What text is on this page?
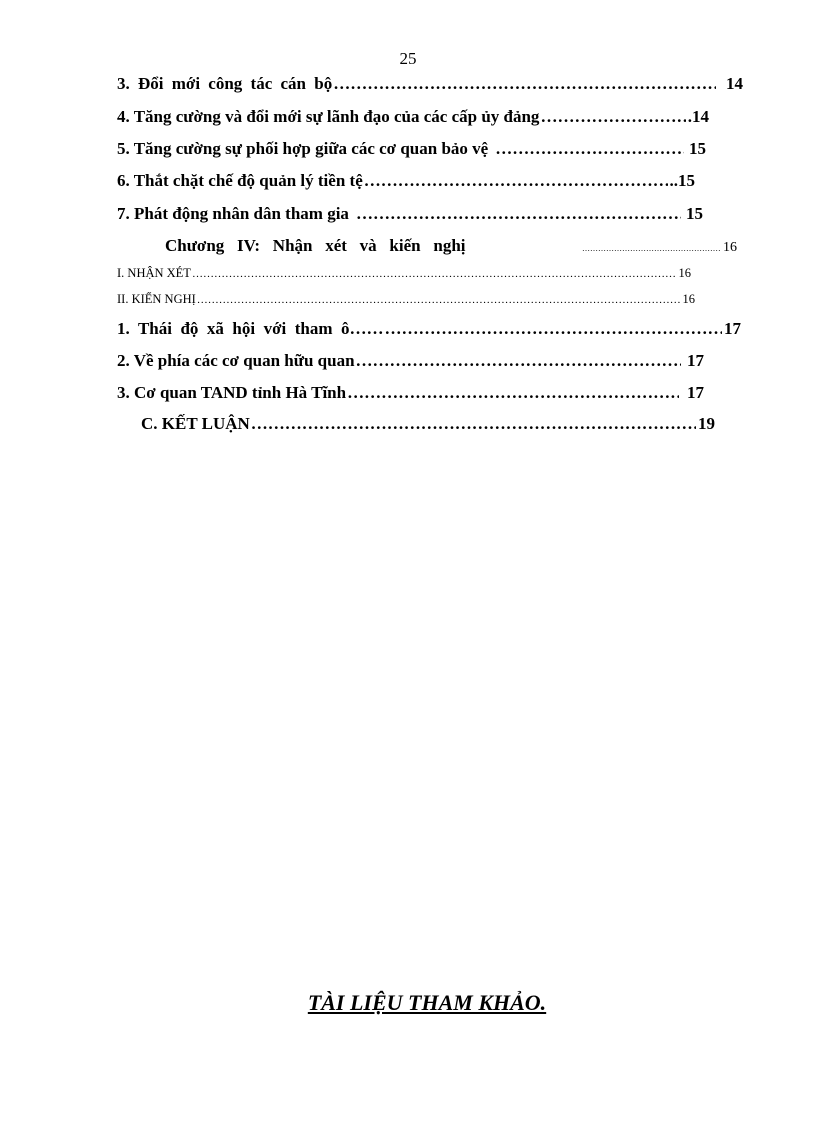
25
3. Đổi mới công tác cán bộ ……………………………………………………………………………………………………………………………………	14
4. Tăng cường và đổi mới sự lãnh đạo của các cấp ủy đảng ……………………………………………………………………………………………………………………………………	.14
5. Tăng cường sự phối hợp giữa các cơ quan bảo vệ ……………………………………………………………………………………………………………………………………	15
6. Thắt chặt chế độ quản lý tiền tệ ……………………………………………………………………………………………………………………………………	..15
7. Phát động nhân dân tham gia ……………………………………………………………………………………………………………………………………	15
Chương   IV:   Nhận   xét   và   kiến   nghị ……………………………………………………………………………………………………………………………………	16
I. NHẬN XÉT …………………………………………………………………………………………………………………………………………………………………………………………	16
II. KIẾN NGHỊ …………………………………………………………………………………………………………………………………………………………………………………………	16
1.  Thái  độ  xã  hội  với  tham  ô…… ……………………………………………………………………………………………………………………………………	17
2. Về phía các cơ quan hữu quan ……………………………………………………………………………………………………………………………………	17
3. Cơ quan TAND tỉnh Hà Tĩnh ……………………………………………………………………………………………………………………………………	17
C. KẾT LUẬN ……………………………………………………………………………………………………………………………………	19
TÀI LIỆU THAM KHẢO.
